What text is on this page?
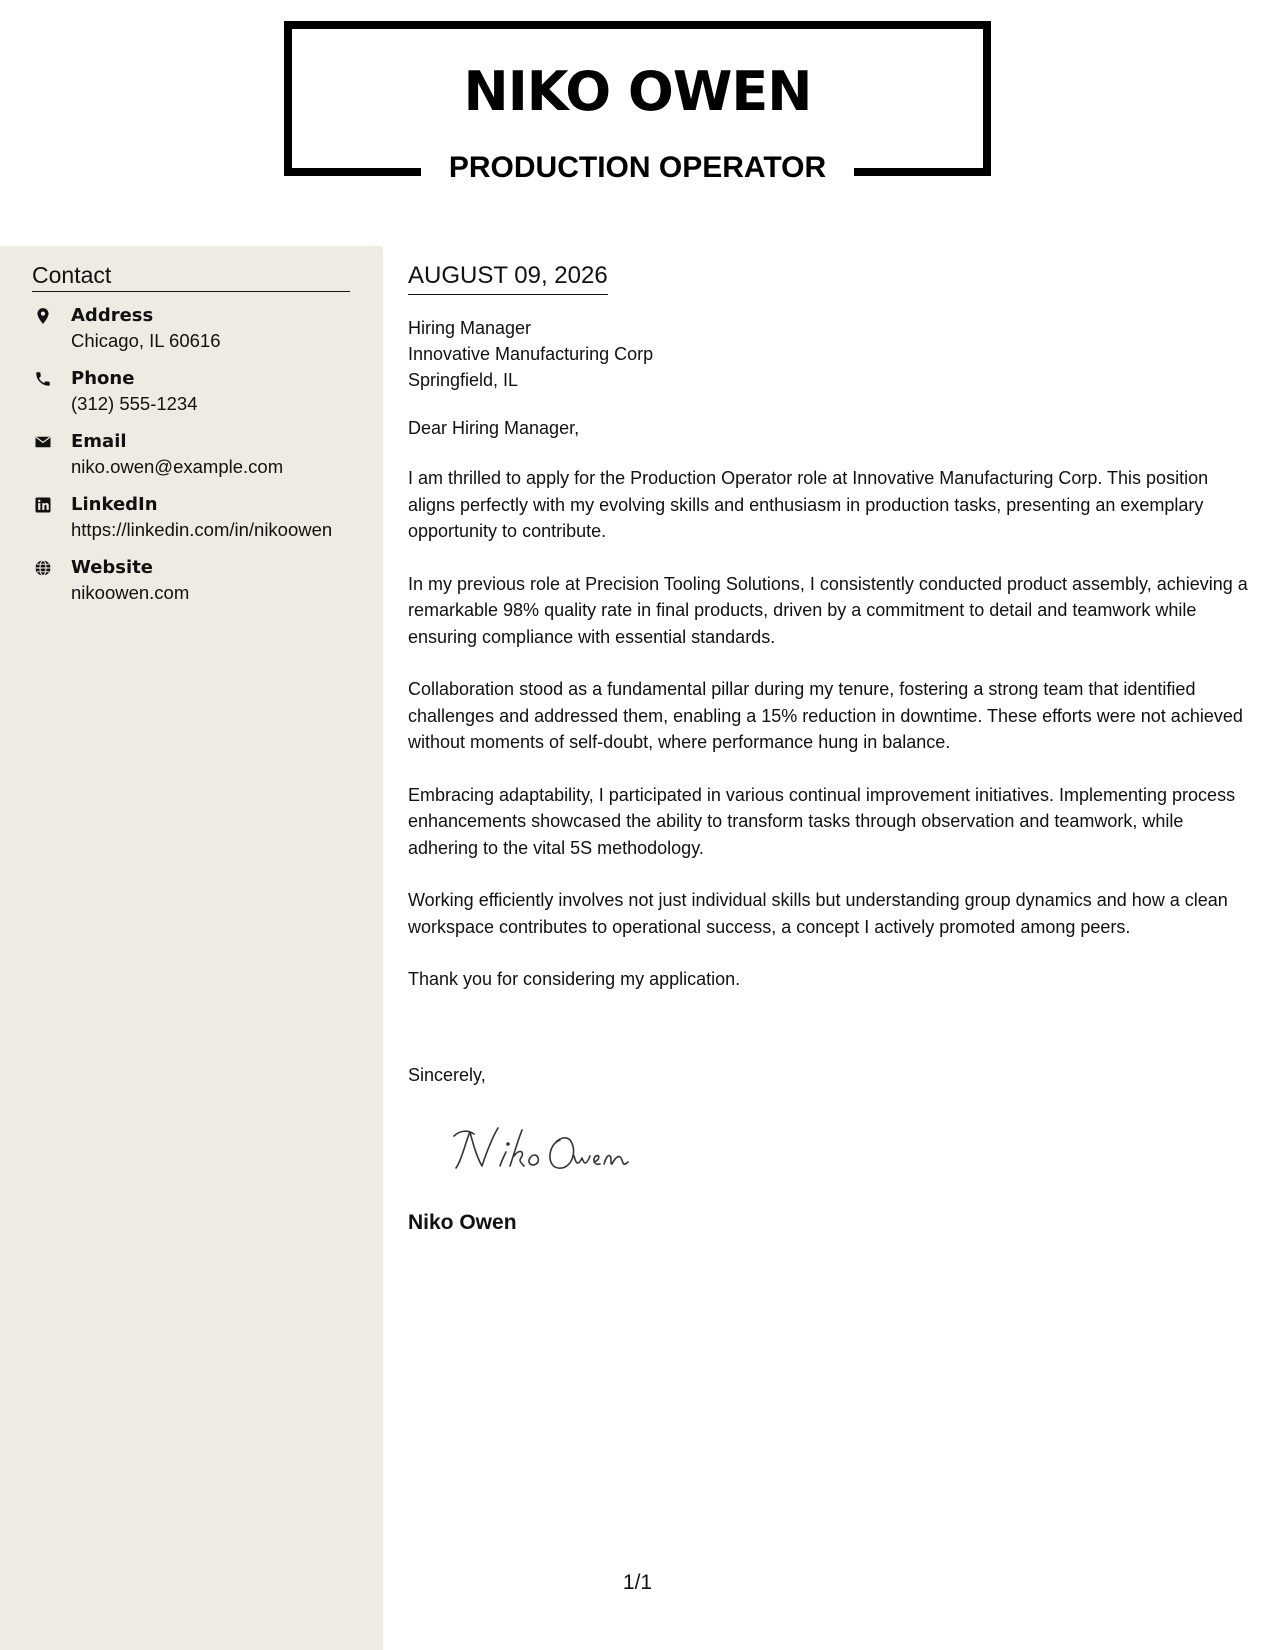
NIKO OWEN
PRODUCTION OPERATOR
Contact
Address
Chicago, IL 60616
Phone
(312) 555-1234
Email
niko.owen@example.com
LinkedIn
https://linkedin.com/in/nikoowen
Website
nikoowen.com
AUGUST 09, 2026
Hiring Manager
Innovative Manufacturing Corp
Springfield, IL
Dear Hiring Manager,

I am thrilled to apply for the Production Operator role at Innovative Manufacturing Corp. This position aligns perfectly with my evolving skills and enthusiasm in production tasks, presenting an exemplary opportunity to contribute.

In my previous role at Precision Tooling Solutions, I consistently conducted product assembly, achieving a remarkable 98% quality rate in final products, driven by a commitment to detail and teamwork while ensuring compliance with essential standards.

Collaboration stood as a fundamental pillar during my tenure, fostering a strong team that identified challenges and addressed them, enabling a 15% reduction in downtime. These efforts were not achieved without moments of self-doubt, where performance hung in balance.

Embracing adaptability, I participated in various continual improvement initiatives. Implementing process enhancements showcased the ability to transform tasks through observation and teamwork, while adhering to the vital 5S methodology.

Working efficiently involves not just individual skills but understanding group dynamics and how a clean workspace contributes to operational success, a concept I actively promoted among peers.

Thank you for considering my application.

Sincerely,
Niko Owen
1/1
